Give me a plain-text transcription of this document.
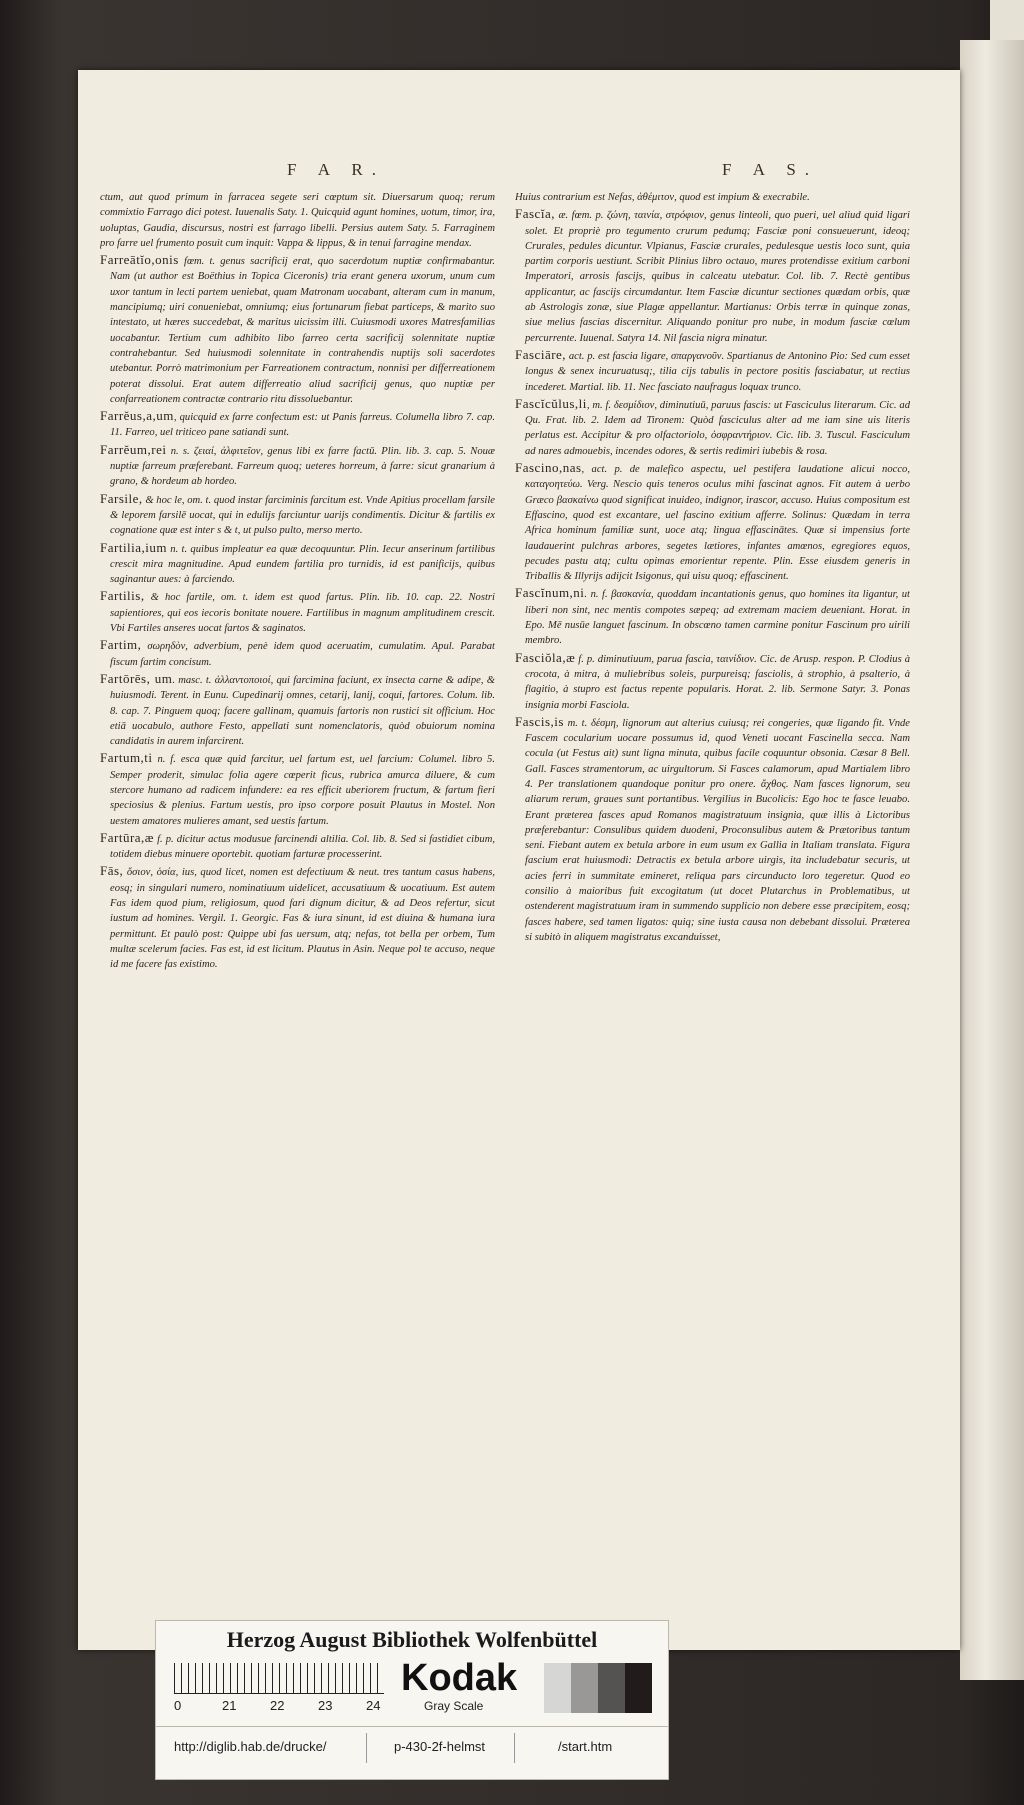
F A R.	F A S.

ctum, aut quod primum in farracea segete seri cœptum sit. Diuersarum quoq; rerum commixtio Farrago dici potest. Iuuenalis Saty. 1. Quicquid agunt homines, uotum, timor, ira, uoluptas, Gaudia, discursus, nostri est farrago libelli. Persius autem Saty. 5. Farraginem pro farre uel frumento posuit cum inquit: Vappa & lippus, & in tenui farragine mendax.

Farreātĭo,onis fœm. t. genus sacrificij erat, quo sacerdotum nuptiæ confirmabantur. Nam (ut author est Boëthius in Topica Ciceronis) tria erant genera uxorum, unum cum uxor tantum in lecti partem ueniebat, quam Matronam uocabant, alteram cum in manum, mancipiumq; uiri conueniebat, omniumq; eius fortunarum fiebat particeps, & marito suo intestato, ut hæres succedebat, & maritus uicissim illi. Cuiusmodi uxores Matresfamilias uocabantur. Tertium cum adhibito libo farreo certa sacrificij solennitate nuptiæ contrahebantur. Sed huiusmodi solennitate in contrahendis nuptijs soli sacerdotes utebantur. Porrò matrimonium per Farreationem contractum, nonnisi per differreationem poterat dissolui. Erat autem differreatio aliud sacrificij genus, quo nuptiæ per confarreationem contractæ contrario ritu dissoluebantur.

Farrĕus,a,um, quicquid ex farre confectum est: ut Panis farreus. Columella libro 7. cap. 11. Farreo, uel triticeo pane satiandi sunt.

Farrĕum,rei n. s. ζειαί, ἀλφιτεῖον, genus libi ex farre factū. Plin. lib. 3. cap. 5. Nouæ nuptiæ farreum præferebant. Farreum quoq; ueteres horreum, à farre: sicut granarium à grano, & hordeum ab hordeo.

Farsile, & hoc le, om. t. quod instar farciminis farcitum est. Vnde Apitius procellam farsile & leporem farsilē uocat, qui in edulijs farciuntur uarijs condimentis. Dicitur & fartilis ex cognatione quæ est inter s & t, ut pulso pulto, merso merto.

Fartilia,ium n. t. quibus impleatur ea quæ decoquuntur. Plin. Iecur anserinum fartilibus crescit mira magnitudine. Apud eundem fartilia pro turnidis, id est panificijs, quibus saginantur aues: à farciendo.

Fartilis, & hoc fartile, om. t. idem est quod fartus. Plin. lib. 10. cap. 22. Nostri sapientiores, qui eos iecoris bonitate nouere. Fartilibus in magnum amplitudinem crescit. Vbi Fartiles anseres uocat fartos & saginatos.

Fartim, σωρηδὸν, adverbium, penè idem quod aceruatim, cumulatim. Apul. Parabat fiscum fartim concisum.

Fartōrēs, um. masc. t. ἀλλαντοποιοί, qui farcimina faciunt, ex insecta carne & adipe, & huiusmodi. Terent. in Eunu. Cupedinarij omnes, cetarij, lanij, coqui, fartores. Colum. lib. 8. cap. 7. Pinguem quoq; facere gallinam, quamuis fartoris non rustici sit officium. Hoc etiā uocabulo, authore Festo, appellati sunt nomenclatoris, quòd obuiorum nomina candidatis in aurem infarcirent.

Fartum,ti n. f. esca quæ quid farcitur, uel fartum est, uel farcium: Columel. libro 5. Semper proderit, simulac folia agere cœperit ficus, rubrica amurca diluere, & cum stercore humano ad radicem infundere: ea res efficit uberiorem fructum, & fartum fieri speciosius & plenius. Fartum uestis, pro ipso corpore posuit Plautus in Mostel. Non uestem amatores mulieres amant, sed uestis fartum.

Fartūra,æ f. p. dicitur actus modusue farcinendi altilia. Col. lib. 8. Sed si fastidiet cibum, totidem diebus minuere oportebit. quotiam farturæ processerint.

Fās, ὅσιον, ὁσία, ius, quod licet, nomen est defectiuum & neut. tres tantum casus habens, eosq; in singulari numero, nominatiuum uidelicet, accusatiuum & uocatiuum. Est autem Fas idem quod pium, religiosum, quod fari dignum dicitur, & ad Deos refertur, sicut iustum ad homines. Vergil. 1. Georgic. Fas & iura sinunt, id est diuina & humana iura permittunt. Et paulò post: Quippe ubi fas uersum, atq; nefas, tot bella per orbem, Tum multæ scelerum facies. Fas est, id est licitum. Plautus in Asin. Neque pol te accuso, neque id me facere fas existimo.

Huius contrarium est Nefas, ἀθέμιτον, quod est impium & execrabile.

Fascĭa, æ. fœm. p. ζώνη, ταινία, στρόφιον, genus linteoli, quo pueri, uel aliud quid ligari solet. Et propriè pro tegumento crurum pedumq; Fasciæ poni consueuerunt, ideoq; Crurales, pedules dicuntur. Vlpianus, Fasciæ crurales, pedulesque uestis loco sunt, quia partim corporis uestiunt. Scribit Plinius libro octauo, mures protendisse exitium carboni Imperatori, arrosis fascijs, quibus in calceatu utebatur. Col. lib. 7. Rectè gentibus applicantur, ac fascijs circumdantur. Item Fasciæ dicuntur sectiones quædam orbis, quæ ab Astrologis zonæ, siue Plagæ appellantur. Martianus: Orbis terræ in quinque zonas, siue melius fascias discernitur. Aliquando ponitur pro nube, in modum fasciæ cœlum percurrente. Iuuenal. Satyra 14. Nil fascia nigra minatur.

Fasciāre, act. p. est fascia ligare, σπαργανοῦν. Spartianus de Antonino Pio: Sed cum esset longus & senex incuruatusq;, tilia cijs tabulis in pectore positis fasciabatur, ut rectius incederet. Martial. lib. 11. Nec fasciato naufragus loquax trunco.

Fascĭcŭlus,li, m. f. δεσμίδιον, diminutiuū, paruus fascis: ut Fasciculus literarum. Cic. ad Qu. Frat. lib. 2. Idem ad Tironem: Quòd fasciculus alter ad me iam sine uis literis perlatus est. Accipitur & pro olfactoriolo, ὀσφραντήριον. Cic. lib. 3. Tuscul. Fasciculum ad nares admouebis, incendes odores, & sertis redimiri iubebis & rosa.

Fascino,nas, act. p. de malefico aspectu, uel pestifera laudatione alicui nocco, καταγοητεύω. Verg. Nescio quis teneros oculus mihi fascinat agnos. Fit autem à uerbo Græco βασκαίνω quod significat inuideo, indignor, irascor, accuso. Huius compositum est Effascino, quod est excantare, uel fascino exitium afferre. Solinus: Quædam in terra Africa hominum familiæ sunt, uoce atq; lingua effascinātes. Quæ si impensius forte laudauerint pulchras arbores, segetes lætiores, infantes amœnos, egregiores equos, pecudes pastu atq; cultu opimas emorientur repente. Plin. Esse eiusdem generis in Triballis & Illyrijs adijcit Isigonus, qui uisu quoq; effascinent.

Fascĭnum,ni. n. f. βασκανία, quoddam incantationis genus, quo homines ita ligantur, ut liberi non sint, nec mentis compotes sæpeq; ad extremam maciem deueniant. Horat. in Epo. Mē nusūe languet fascinum. In obscœno tamen carmine ponitur Fascinum pro uirili membro.

Fasciŏla,æ f. p. diminutiuum, parua fascia, ταινίδιον. Cic. de Arusp. respon. P. Clodius à crocota, à mitra, à muliebribus soleis, purpureisq; fasciolis, à strophio, à psalterio, à flagitio, à stupro est factus repente popularis. Horat. 2. lib. Sermone Satyr. 3. Ponas insignia morbi Fasciola.

Fascis,is m. t. δέσμη, lignorum aut alterius cuiusq; rei congeries, quæ ligando fit. Vnde Fascem cocularium uocare possumus id, quod Veneti uocant Fascinella secca. Nam cocula (ut Festus ait) sunt ligna minuta, quibus facile coquuntur obsonia. Cæsar 8 Bell. Gall. Fasces stramentorum, ac uirgultorum. Si Fasces calamorum, apud Martialem libro 4. Per translationem quandoque ponitur pro onere. ἄχθος. Nam fasces lignorum, seu aliarum rerum, graues sunt portantibus. Vergilius in Bucolicis: Ego hoc te fasce leuabo. Erant præterea fasces apud Romanos magistratuum insignia, quæ illis à Lictoribus præferebantur: Consulibus quidem duodeni, Proconsulibus autem & Prætoribus tantum seni. Fiebant autem ex betula arbore in eum usum ex Gallia in Italiam translata. Figura fascium erat huiusmodi: Detractis ex betula arbore uirgis, ita includebatur securis, ut acies ferri in summitate emineret, reliqua pars circunducto loro tegeretur. Quod eo consilio à maioribus fuit excogitatum (ut docet Plutarchus in Problematibus, ut ostenderent magistratuum iram in summendo supplicio non debere esse præcipitem, eosq; fasces habere, sed tamen ligatos: quiq; sine iusta causa non debebant dissolui. Præterea si subitò in aliquem magistratus excanduisset,

Herzog August Bibliothek Wolfenbüttel
0	21	22	23	24
Kodak
Gray Scale
http://diglib.hab.de/drucke/	p-430-2f-helmst	/start.htm
